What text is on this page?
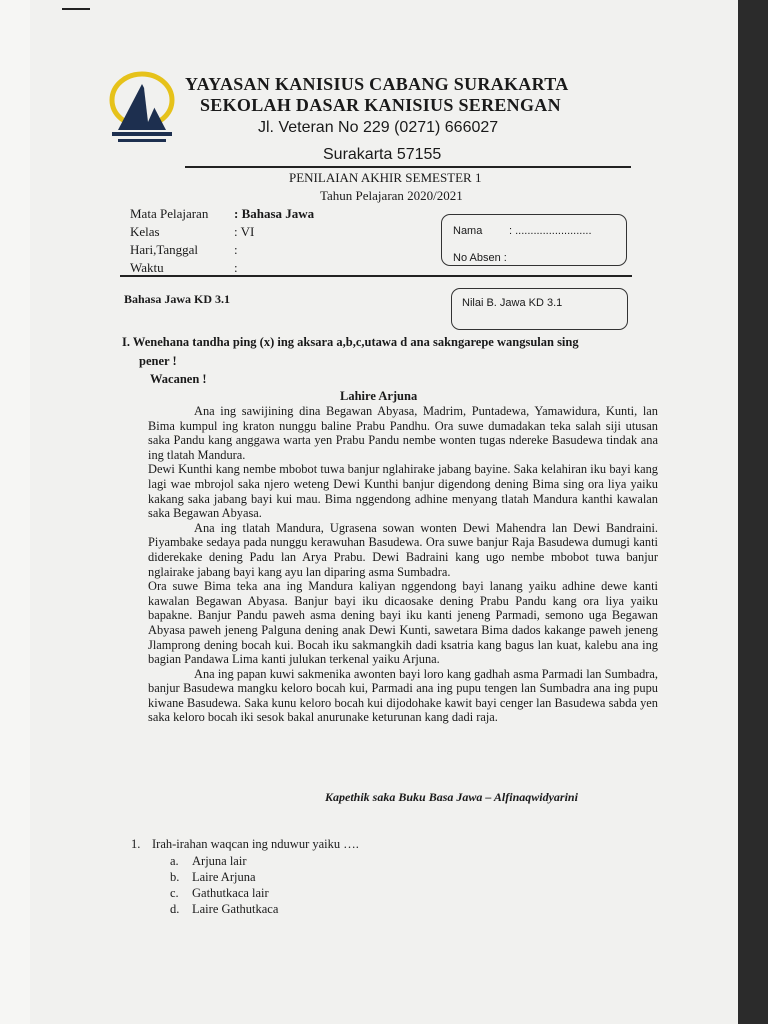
YAYASAN KANISIUS CABANG SURAKARTA
SEKOLAH DASAR KANISIUS SERENGAN
Jl. Veteran No 229 (0271) 666027
Surakarta 57155
PENILAIAN AKHIR SEMESTER 1
Tahun Pelajaran 2020/2021
Mata Pelajaran : Bahasa Jawa
Kelas	: VI
Hari,Tanggal	:
Waktu	:
Nama : .........................
No Absen :
Bahasa Jawa KD 3.1	Nilai B. Jawa KD 3.1
I. Wenehana tandha ping (x) ing aksara a,b,c,utawa d ana sakngarepe wangsulan sing
pener !
Wacanen !
Lahire Arjuna

Ana ing sawijining dina Begawan Abyasa, Madrim, Puntadewa, Yamawidura, Kunti, lan Bima kumpul ing kraton nunggu baline Prabu Pandhu. Ora suwe dumadakan teka salah siji utusan saka Pandu kang anggawa warta yen Prabu Pandu nembe wonten tugas ndereke Basudewa tindak ana ing tlatah Mandura.

Dewi Kunthi kang nembe mbobot tuwa banjur nglahirake jabang bayine. Saka kelahiran iku bayi kang lagi wae mbrojol saka njero weteng Dewi Kunthi banjur digendong dening Bima sing ora liya yaiku kakang saka jabang bayi kui mau. Bima nggendong adhine menyang tlatah Mandura kanthi kawalan saka Begawan Abyasa.

Ana ing tlatah Mandura, Ugrasena sowan wonten Dewi Mahendra lan Dewi Bandraini. Piyambake sedaya pada nunggu kerawuhan Basudewa. Ora suwe banjur Raja Basudewa dumugi kanti diderekake dening Padu lan Arya Prabu. Dewi Badraini kang ugo nembe mbobot tuwa banjur nglairake jabang bayi kang ayu lan diparing asma Sumbadra.

Ora suwe Bima teka ana ing Mandura kaliyan nggendong bayi lanang yaiku adhine dewe kanti kawalan Begawan Abyasa. Banjur bayi iku dicaosake dening Prabu Pandu kang ora liya yaiku bapakne. Banjur Pandu paweh asma dening bayi iku kanti jeneng Parmadi, semono uga Begawan Abyasa paweh jeneng Palguna dening anak Dewi Kunti, sawetara Bima dados kakange paweh jeneng Jlamprong dening bocah kui. Bocah iku sakmangkih dadi ksatria kang bagus lan kuat, kalebu ana ing bagian Pandawa Lima kanti julukan terkenal yaiku Arjuna.

Ana ing papan kuwi sakmenika awonten bayi loro kang gadhah asma Parmadi lan Sumbadra, banjur Basudewa mangku keloro bocah kui, Parmadi ana ing pupu tengen lan Sumbadra ana ing pupu kiwane Basudewa. Saka kunu keloro bocah kui dijodohake kawit bayi cenger lan Basudewa sabda yen saka keloro bocah iki sesok bakal anurunake keturunan kang dadi raja.

Kapethik saka Buku Basa Jawa – Alfinaqwidyarini
1. Irah-irahan waqcan ing nduwur yaiku ….
a. Arjuna lair
b. Laire Arjuna
c. Gathutkaca lair
d. Laire Gathutkaca
